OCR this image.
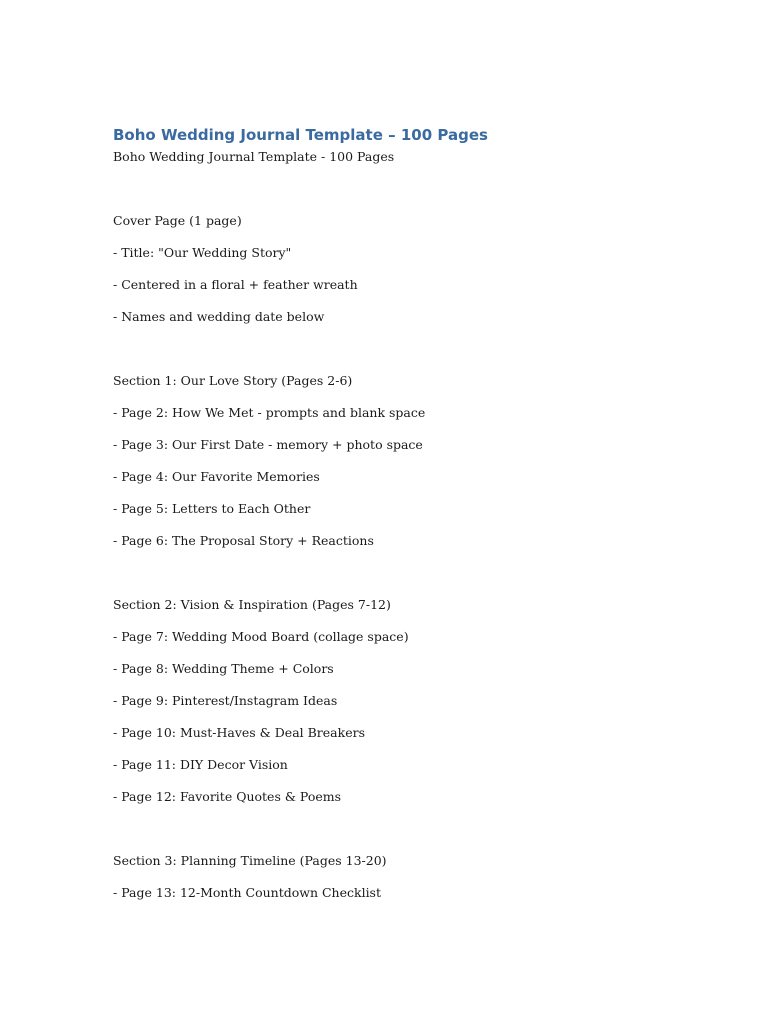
Boho Wedding Journal Template – 100 Pages
Boho Wedding Journal Template - 100 Pages
Cover Page (1 page)
- Title: "Our Wedding Story"
- Centered in a floral + feather wreath
- Names and wedding date below
Section 1: Our Love Story (Pages 2-6)
- Page 2: How We Met - prompts and blank space
- Page 3: Our First Date - memory + photo space
- Page 4: Our Favorite Memories
- Page 5: Letters to Each Other
- Page 6: The Proposal Story + Reactions
Section 2: Vision & Inspiration (Pages 7-12)
- Page 7: Wedding Mood Board (collage space)
- Page 8: Wedding Theme + Colors
- Page 9: Pinterest/Instagram Ideas
- Page 10: Must-Haves & Deal Breakers
- Page 11: DIY Decor Vision
- Page 12: Favorite Quotes & Poems
Section 3: Planning Timeline (Pages 13-20)
- Page 13: 12-Month Countdown Checklist
